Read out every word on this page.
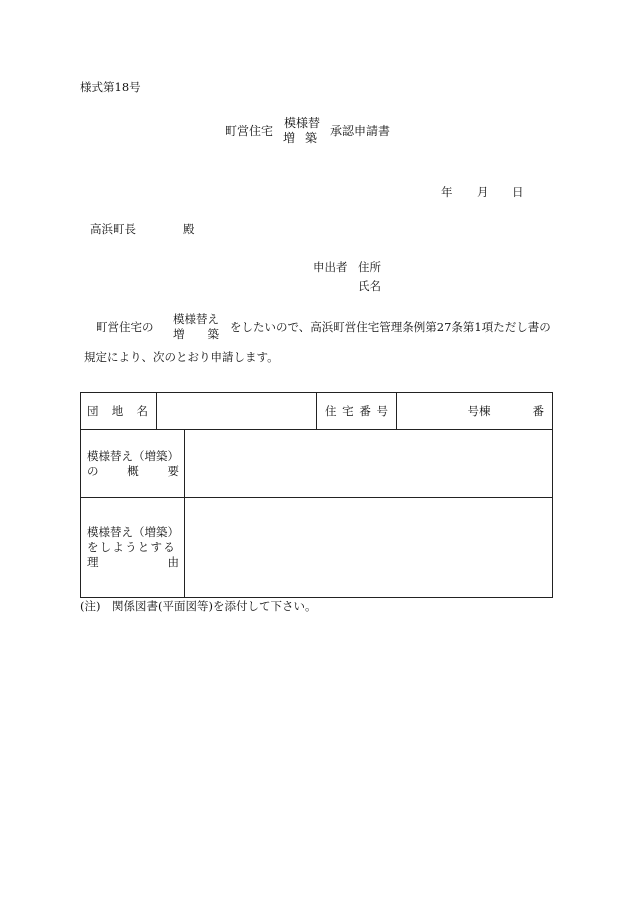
様式第18号
町営住宅
模様替
増 築 承認申請書
年 月 日
高浜町長	殿
申出者 住所
氏名
町営住宅の
模様替え
増 築 をしたいので、高浜町営住宅管理条例第27条第1項ただし書の
規定により、次のとおり申請します。
団 地 名			住 宅 番 号	号棟 番

模様替え（増築）
の 概 要				

模様替え（増築）
をしようとする
理 由				

(注)　関係図書(平面図等)を添付して下さい。
